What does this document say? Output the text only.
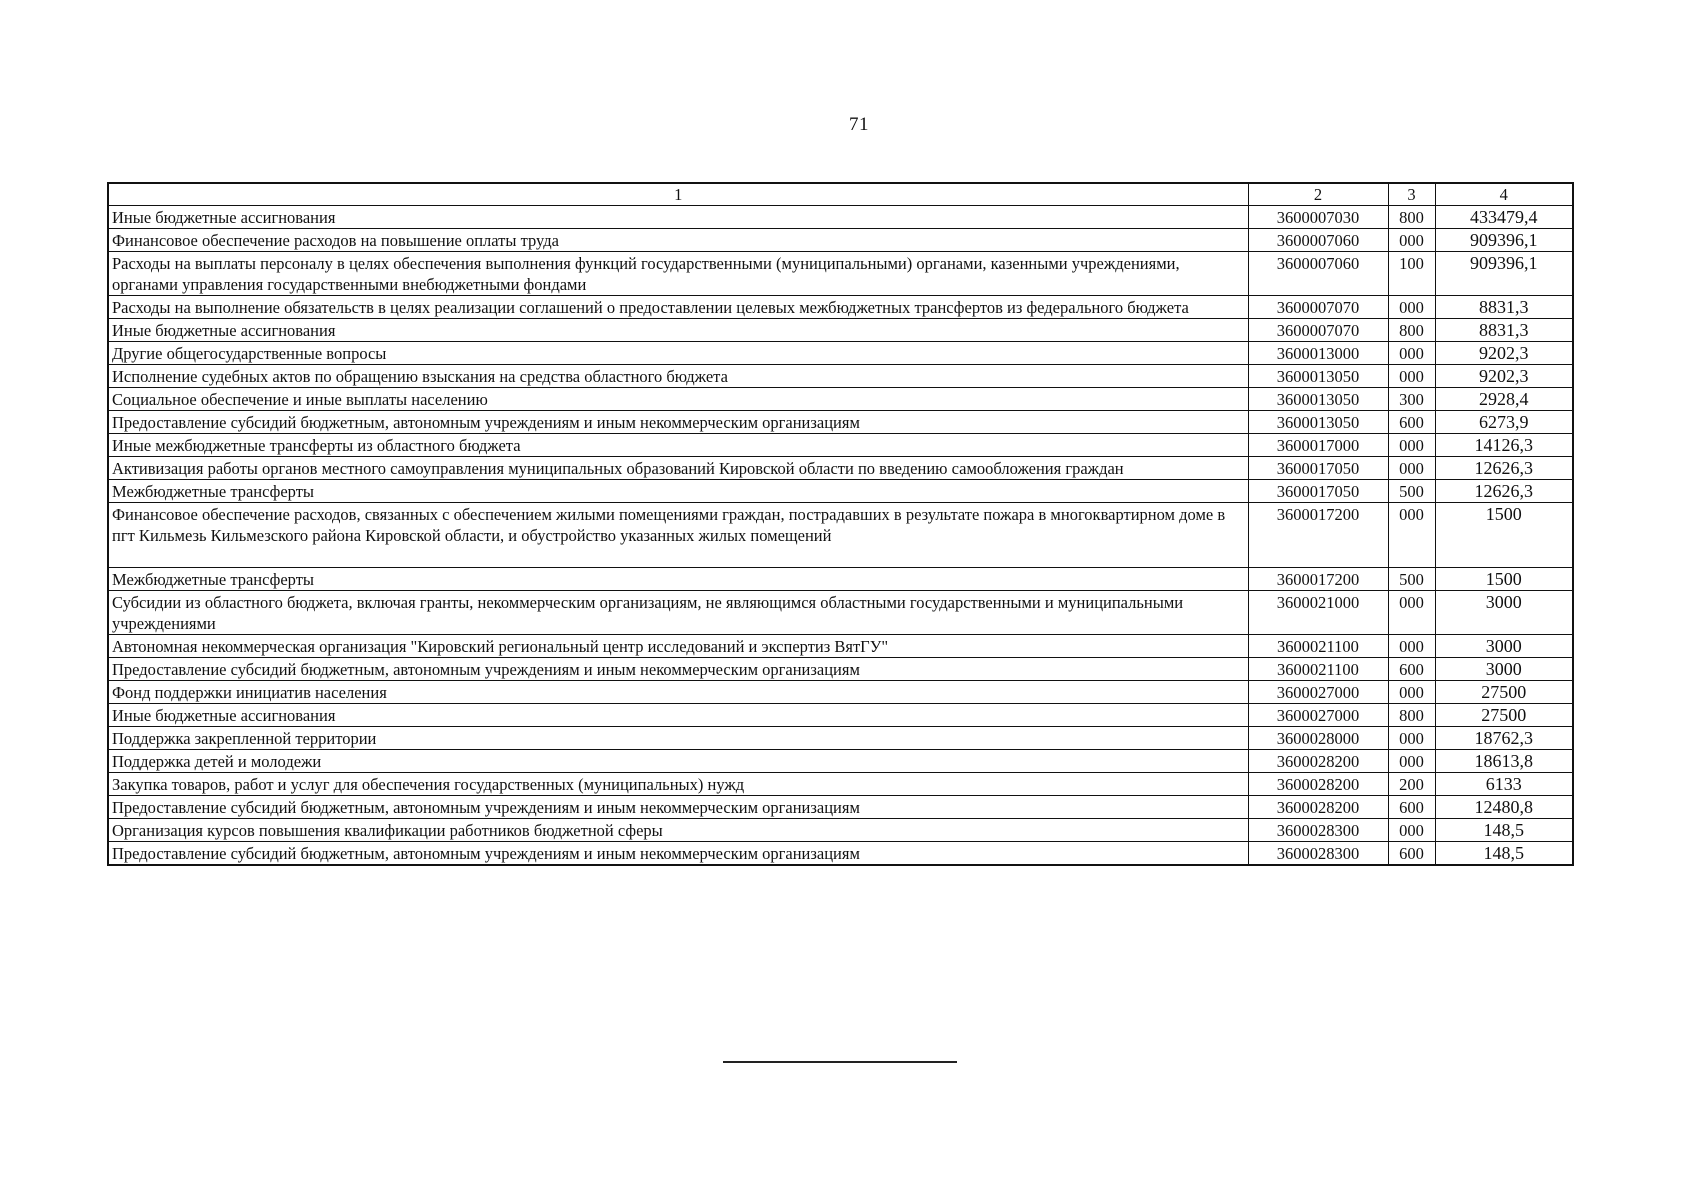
71
1	2	3	4
Иные бюджетные ассигнования	3600007030	800	433479,4
Финансовое обеспечение расходов на повышение оплаты труда	3600007060	000	909396,1
Расходы на выплаты персоналу в целях обеспечения выполнения функций государственными (муниципальными) органами, казенными учреждениями, органами управления государственными внебюджетными фондами	3600007060	100	909396,1
Расходы на выполнение обязательств в целях реализации соглашений о предоставлении целевых межбюджетных трансфертов из федерального бюджета	3600007070	000	8831,3
Иные бюджетные ассигнования	3600007070	800	8831,3
Другие общегосударственные вопросы	3600013000	000	9202,3
Исполнение судебных актов по обращению взыскания на средства областного бюджета	3600013050	000	9202,3
Социальное обеспечение и иные выплаты населению	3600013050	300	2928,4
Предоставление субсидий бюджетным, автономным учреждениям и иным некоммерческим организациям	3600013050	600	6273,9
Иные межбюджетные трансферты из областного бюджета	3600017000	000	14126,3
Активизация работы органов местного самоуправления муниципальных образований Кировской области по введению самообложения граждан	3600017050	000	12626,3
Межбюджетные трансферты	3600017050	500	12626,3
Финансовое обеспечение расходов, связанных с обеспечением жилыми помещениями граждан, пострадавших в результате пожара в многоквартирном доме в пгт Кильмезь Кильмезского района Кировской области, и обустройство указанных жилых помещений	3600017200	000	1500
Межбюджетные трансферты	3600017200	500	1500
Субсидии из областного бюджета, включая гранты, некоммерческим организациям, не являющимся областными государственными и муниципальными учреждениями	3600021000	000	3000
Автономная некоммерческая организация "Кировский региональный центр исследований и экспертиз ВятГУ"	3600021100	000	3000
Предоставление субсидий бюджетным, автономным учреждениям и иным некоммерческим организациям	3600021100	600	3000
Фонд поддержки инициатив населения	3600027000	000	27500
Иные бюджетные ассигнования	3600027000	800	27500
Поддержка закрепленной территории	3600028000	000	18762,3
Поддержка детей и молодежи	3600028200	000	18613,8
Закупка товаров, работ и услуг для обеспечения государственных (муниципальных) нужд	3600028200	200	6133
Предоставление субсидий бюджетным, автономным учреждениям и иным некоммерческим организациям	3600028200	600	12480,8
Организация курсов повышения квалификации работников бюджетной сферы	3600028300	000	148,5
Предоставление субсидий бюджетным, автономным учреждениям и иным некоммерческим организациям	3600028300	600	148,5
